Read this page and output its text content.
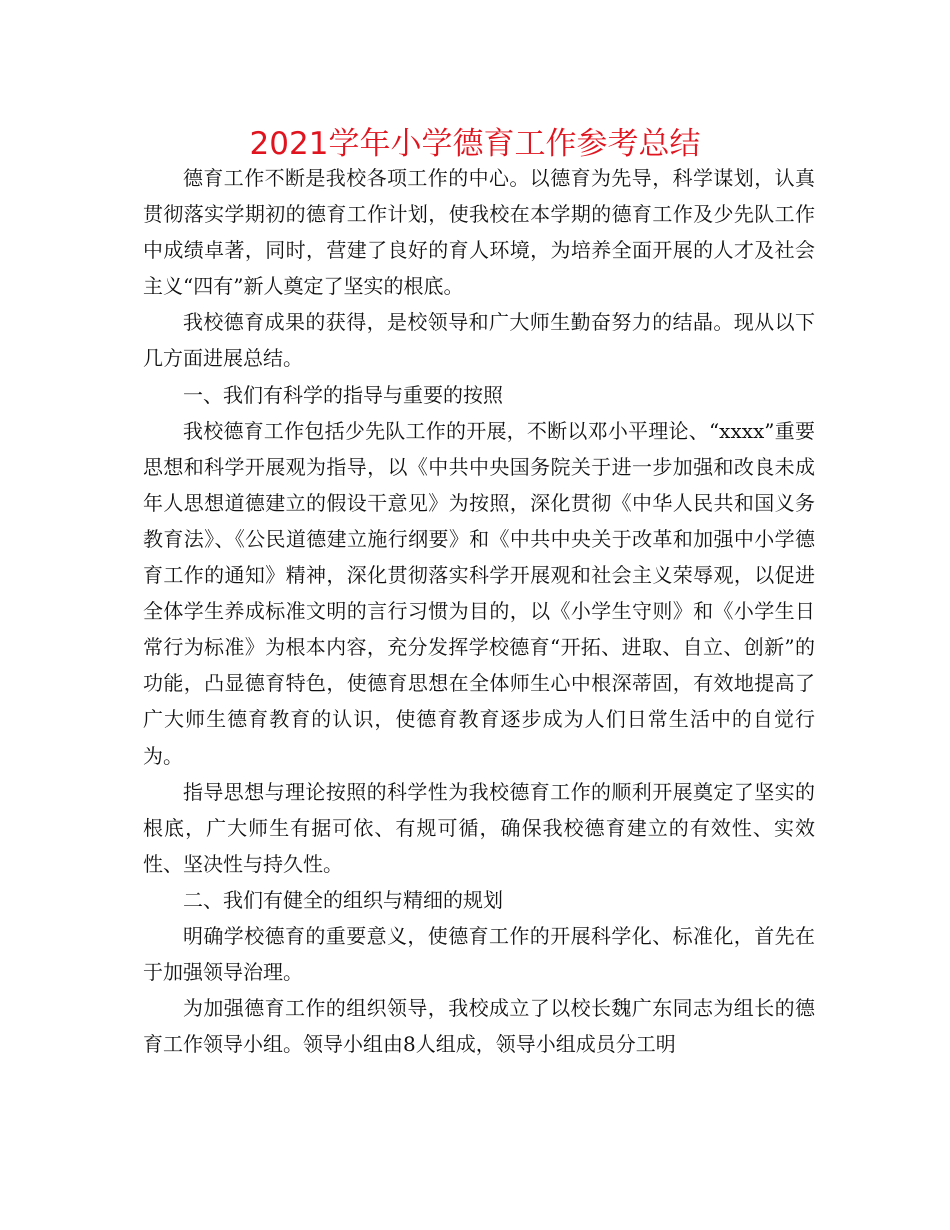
2021学年小学德育工作参考总结

德育工作不断是我校各项工作的中心。以德育为先导，科学谋划，认真贯彻落实学期初的德育工作计划，使我校在本学期的德育工作及少先队工作中成绩卓著，同时，营建了良好的育人环境，为培养全面开展的人才及社会主义“四有”新人奠定了坚实的根底。

我校德育成果的获得，是校领导和广大师生勤奋努力的结晶。现从以下几方面进展总结。

一、我们有科学的指导与重要的按照

我校德育工作包括少先队工作的开展，不断以邓小平理论、“xxxx”重要思想和科学开展观为指导，以《中共中央国务院关于进一步加强和改良未成年人思想道德建立的假设干意见》为按照，深化贯彻《中华人民共和国义务教育法》、《公民道德建立施行纲要》和《中共中央关于改革和加强中小学德育工作的通知》精神，深化贯彻落实科学开展观和社会主义荣辱观，以促进全体学生养成标准文明的言行习惯为目的，以《小学生守则》和《小学生日常行为标准》为根本内容，充分发挥学校德育“开拓、进取、自立、创新”的功能，凸显德育特色，使德育思想在全体师生心中根深蒂固，有效地提高了广大师生德育教育的认识，使德育教育逐步成为人们日常生活中的自觉行为。

指导思想与理论按照的科学性为我校德育工作的顺利开展奠定了坚实的根底，广大师生有据可依、有规可循，确保我校德育建立的有效性、实效性、坚决性与持久性。

二、我们有健全的组织与精细的规划

明确学校德育的重要意义，使德育工作的开展科学化、标准化，首先在于加强领导治理。

为加强德育工作的组织领导，我校成立了以校长魏广东同志为组长的德育工作领导小组。领导小组由8人组成，领导小组成员分工明
